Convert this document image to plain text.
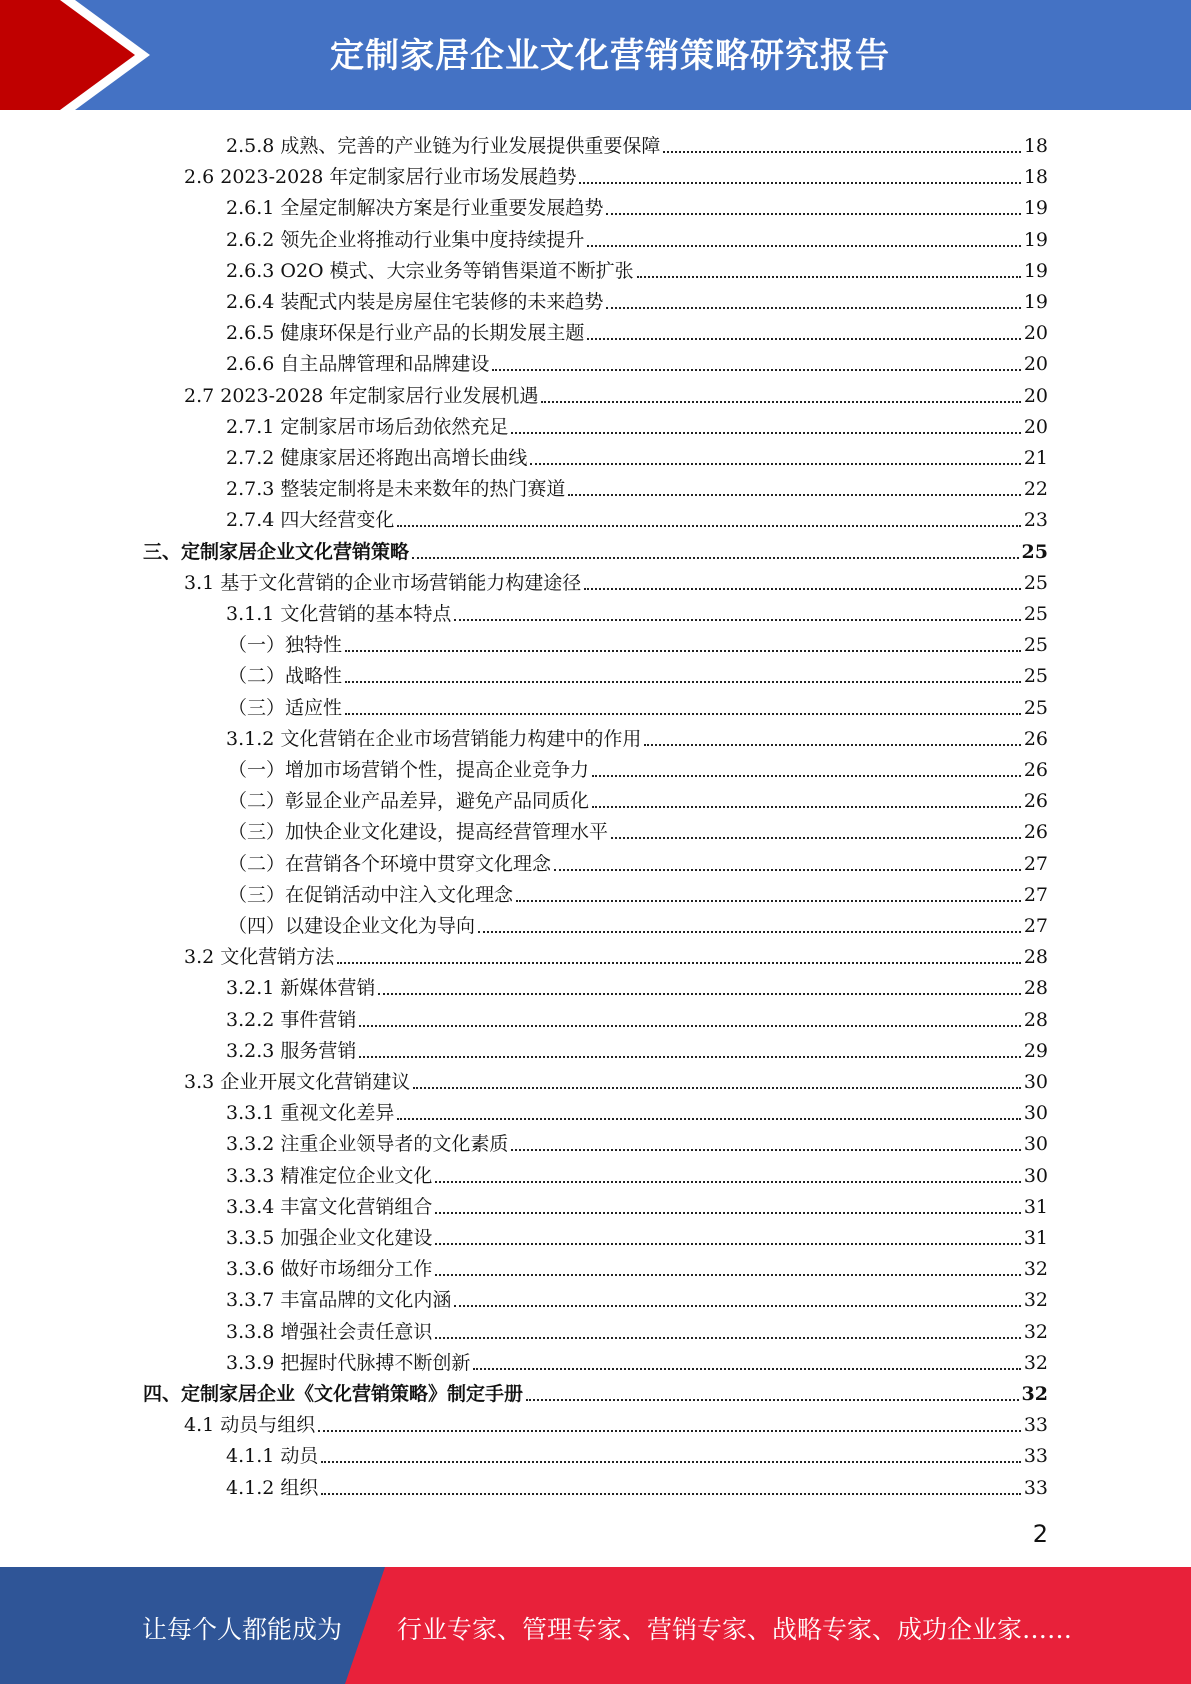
定制家居企业文化营销策略研究报告
2.5.8 成熟、完善的产业链为行业发展提供重要保障	18
2.6 2023-2028 年定制家居行业市场发展趋势	18
2.6.1 全屋定制解决方案是行业重要发展趋势	19
2.6.2 领先企业将推动行业集中度持续提升	19
2.6.3 O2O 模式、大宗业务等销售渠道不断扩张	19
2.6.4 装配式内装是房屋住宅装修的未来趋势	19
2.6.5 健康环保是行业产品的长期发展主题	20
2.6.6 自主品牌管理和品牌建设	20
2.7 2023-2028 年定制家居行业发展机遇	20
2.7.1 定制家居市场后劲依然充足	20
2.7.2 健康家居还将跑出高增长曲线	21
2.7.3 整装定制将是未来数年的热门赛道	22
2.7.4 四大经营变化	23
三、定制家居企业文化营销策略	25
3.1 基于文化营销的企业市场营销能力构建途径	25
3.1.1 文化营销的基本特点	25
（一）独特性	25
（二）战略性	25
（三）适应性	25
3.1.2 文化营销在企业市场营销能力构建中的作用	26
（一）增加市场营销个性，提高企业竞争力	26
（二）彰显企业产品差异，避免产品同质化	26
（三）加快企业文化建设，提高经营管理水平	26
（二）在营销各个环境中贯穿文化理念	27
（三）在促销活动中注入文化理念	27
（四）以建设企业文化为导向	27
3.2 文化营销方法	28
3.2.1 新媒体营销	28
3.2.2 事件营销	28
3.2.3 服务营销	29
3.3 企业开展文化营销建议	30
3.3.1 重视文化差异	30
3.3.2 注重企业领导者的文化素质	30
3.3.3 精准定位企业文化	30
3.3.4 丰富文化营销组合	31
3.3.5 加强企业文化建设	31
3.3.6 做好市场细分工作	32
3.3.7 丰富品牌的文化内涵	32
3.3.8 增强社会责任意识	32
3.3.9 把握时代脉搏不断创新	32
四、定制家居企业《文化营销策略》制定手册	32
4.1 动员与组织	33
4.1.1 动员	33
4.1.2 组织	33
2
让每个人都能成为 行业专家、管理专家、营销专家、战略专家、成功企业家……
